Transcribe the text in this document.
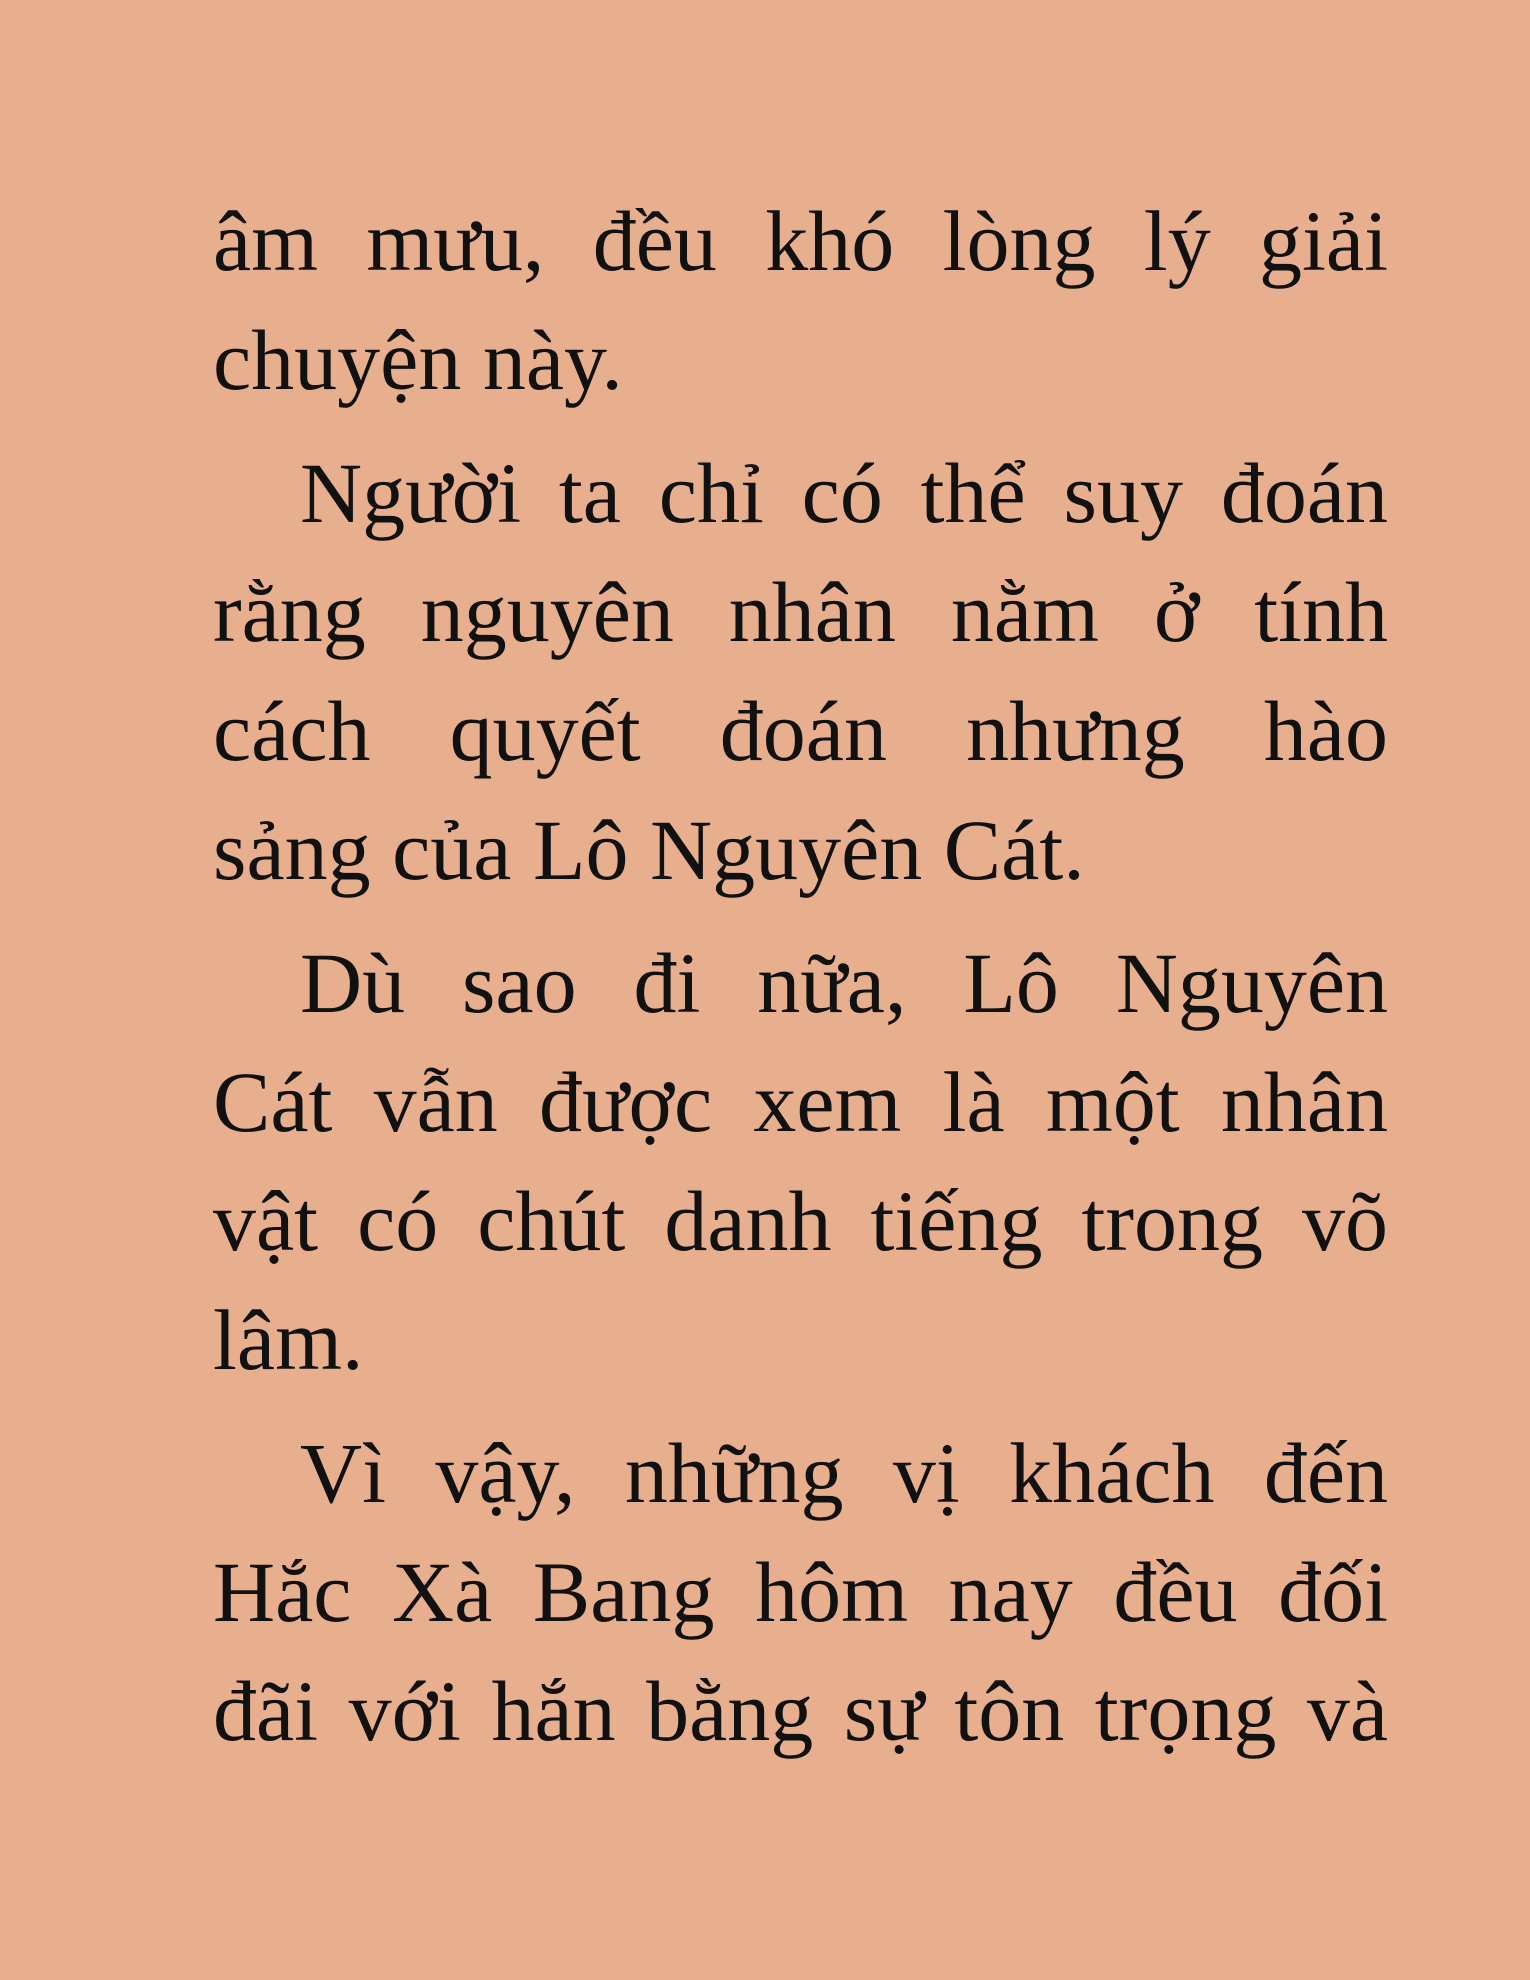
âm mưu, đều khó lòng lý giải
chuyện này.
Người ta chỉ có thể suy đoán
rằng nguyên nhân nằm ở tính
cách quyết đoán nhưng hào
sảng của Lô Nguyên Cát.
Dù sao đi nữa, Lô Nguyên
Cát vẫn được xem là một nhân
vật có chút danh tiếng trong võ
lâm.
Vì vậy, những vị khách đến
Hắc Xà Bang hôm nay đều đối
đãi với hắn bằng sự tôn trọng và
